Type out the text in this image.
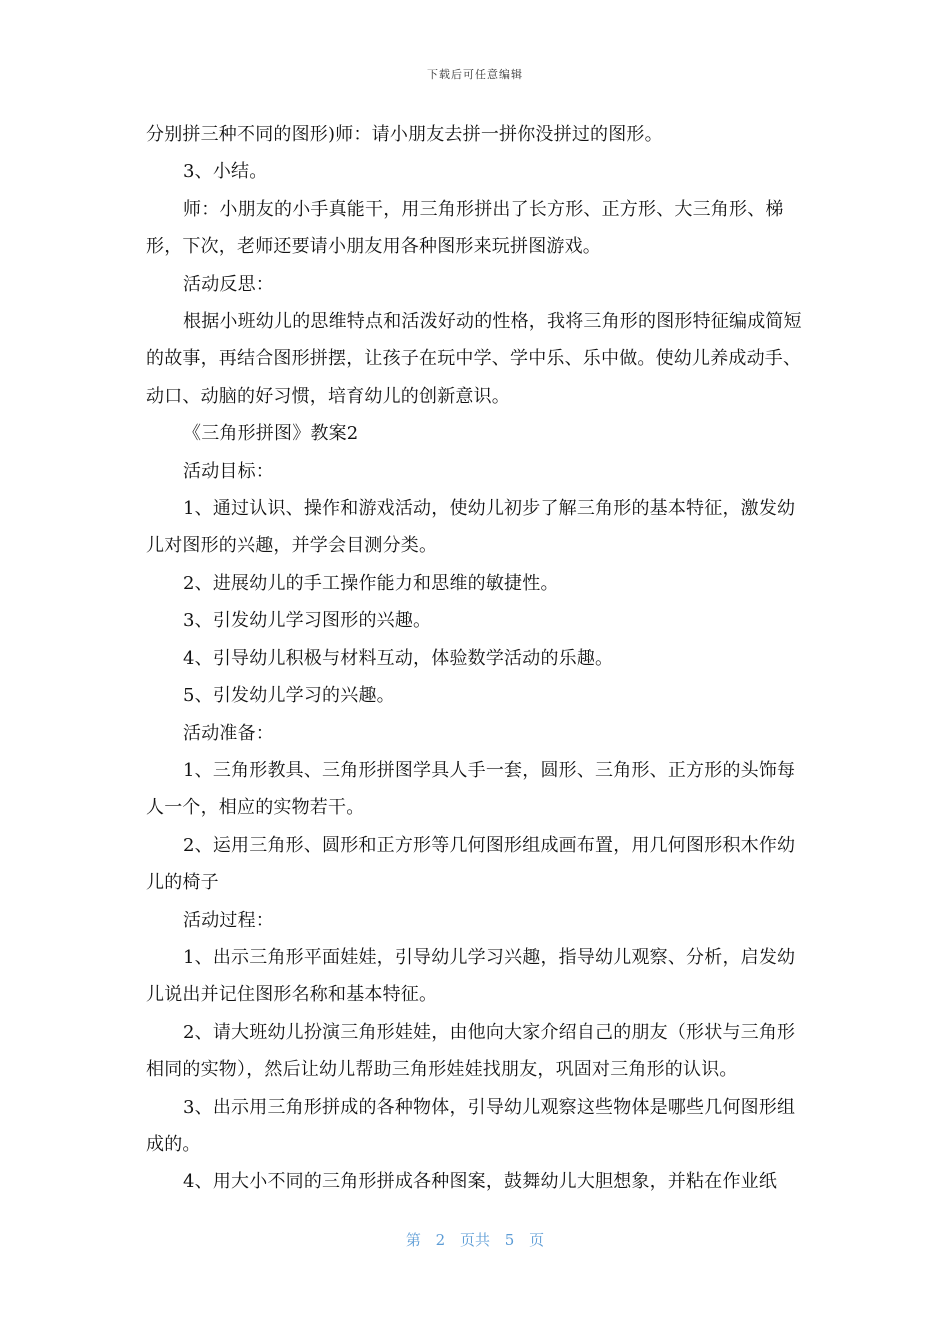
下载后可任意编辑

分别拼三种不同的图形)师：请小朋友去拼一拼你没拼过的图形。

3、小结。

师：小朋友的小手真能干，用三角形拼出了长方形、正方形、大三角形、梯形，下次，老师还要请小朋友用各种图形来玩拼图游戏。

活动反思：

根据小班幼儿的思维特点和活泼好动的性格，我将三角形的图形特征编成简短的故事，再结合图形拼摆，让孩子在玩中学、学中乐、乐中做。使幼儿养成动手、动口、动脑的好习惯，培育幼儿的创新意识。

《三角形拼图》教案2

活动目标：

1、通过认识、操作和游戏活动，使幼儿初步了解三角形的基本特征，激发幼儿对图形的兴趣，并学会目测分类。

2、进展幼儿的手工操作能力和思维的敏捷性。

3、引发幼儿学习图形的兴趣。

4、引导幼儿积极与材料互动，体验数学活动的乐趣。

5、引发幼儿学习的兴趣。

活动准备：

1、三角形教具、三角形拼图学具人手一套，圆形、三角形、正方形的头饰每人一个，相应的实物若干。

2、运用三角形、圆形和正方形等几何图形组成画布置，用几何图形积木作幼儿的椅子

活动过程：

1、出示三角形平面娃娃，引导幼儿学习兴趣，指导幼儿观察、分析，启发幼儿说出并记住图形名称和基本特征。

2、请大班幼儿扮演三角形娃娃，由他向大家介绍自己的朋友（形状与三角形相同的实物），然后让幼儿帮助三角形娃娃找朋友，巩固对三角形的认识。

3、出示用三角形拼成的各种物体，引导幼儿观察这些物体是哪些几何图形组成的。

4、用大小不同的三角形拼成各种图案，鼓舞幼儿大胆想象，并粘在作业纸

第 2 页共 5 页
